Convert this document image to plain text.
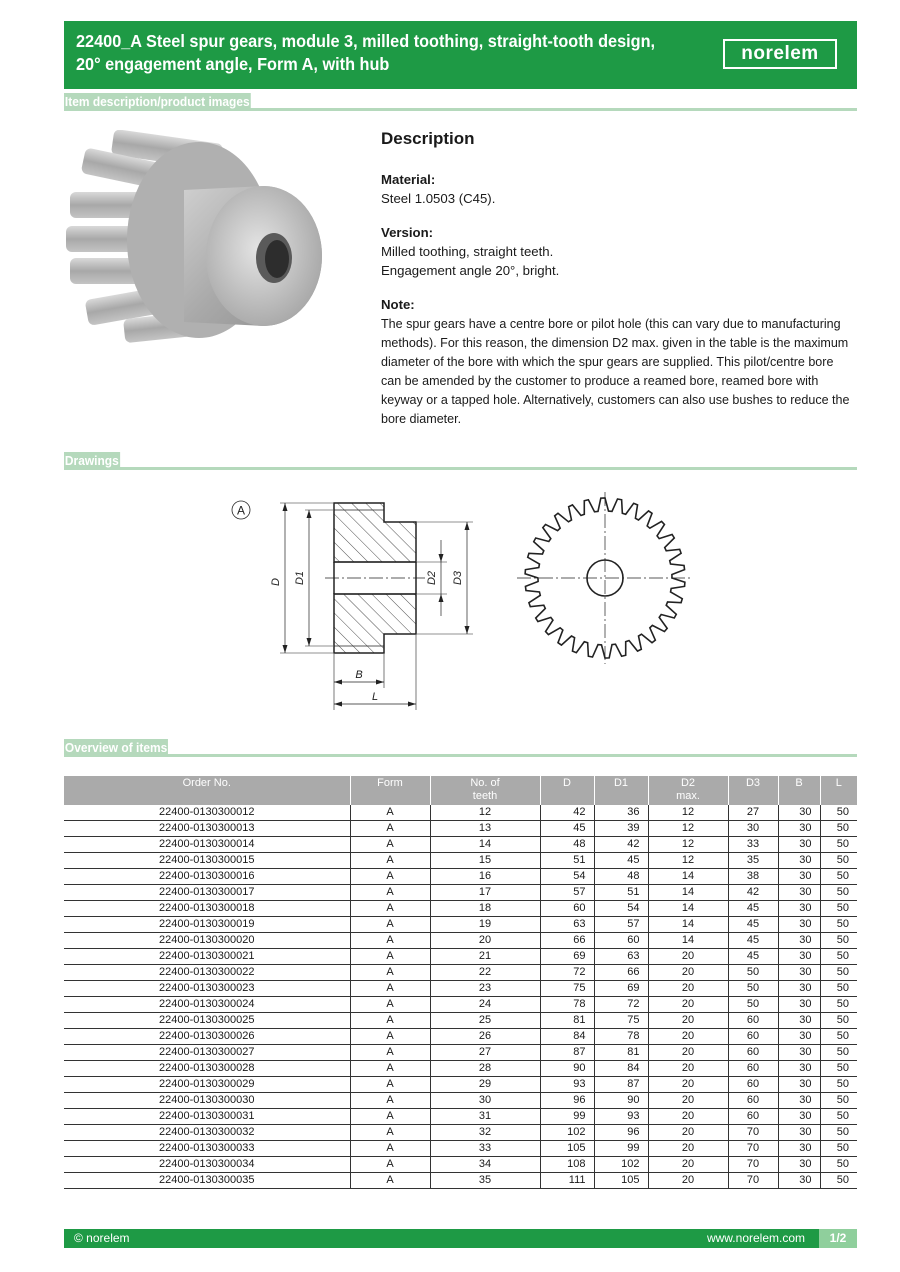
22400_A Steel spur gears, module 3, milled toothing, straight-tooth design, 20° engagement angle, Form A, with hub	norelem
Item description/product images
Description
Material:
Steel 1.0503 (C45).
Version:
Milled toothing, straight teeth.
Engagement angle 20°, bright.
Note:

The spur gears have a centre bore or pilot hole (this can vary due to manufacturing methods). For this reason, the dimension D2 max. given in the table is the maximum diameter of the bore with which the spur gears are supplied. This pilot/centre bore can be amended by the customer to produce a reamed bore, reamed bore with keyway or a tapped hole. Alternatively, customers can also use bushes to reduce the bore diameter.

Drawings
A
D D1	D2 D3
B
L
Overview of items
Order No.	Form	No. of teeth	D	D1	D2 max.	D3	B	L
22400-0130300012	A	12	42	36	12	27	30	50
22400-0130300013	A	13	45	39	12	30	30	50
22400-0130300014	A	14	48	42	12	33	30	50
22400-0130300015	A	15	51	45	12	35	30	50
22400-0130300016	A	16	54	48	14	38	30	50
22400-0130300017	A	17	57	51	14	42	30	50
22400-0130300018	A	18	60	54	14	45	30	50
22400-0130300019	A	19	63	57	14	45	30	50
22400-0130300020	A	20	66	60	14	45	30	50
22400-0130300021	A	21	69	63	20	45	30	50
22400-0130300022	A	22	72	66	20	50	30	50
22400-0130300023	A	23	75	69	20	50	30	50
22400-0130300024	A	24	78	72	20	50	30	50
22400-0130300025	A	25	81	75	20	60	30	50
22400-0130300026	A	26	84	78	20	60	30	50
22400-0130300027	A	27	87	81	20	60	30	50
22400-0130300028	A	28	90	84	20	60	30	50
22400-0130300029	A	29	93	87	20	60	30	50
22400-0130300030	A	30	96	90	20	60	30	50
22400-0130300031	A	31	99	93	20	60	30	50
22400-0130300032	A	32	102	96	20	70	30	50
22400-0130300033	A	33	105	99	20	70	30	50
22400-0130300034	A	34	108	102	20	70	30	50
22400-0130300035	A	35	111	105	20	70	30	50
© norelem	www.norelem.com	1/2
